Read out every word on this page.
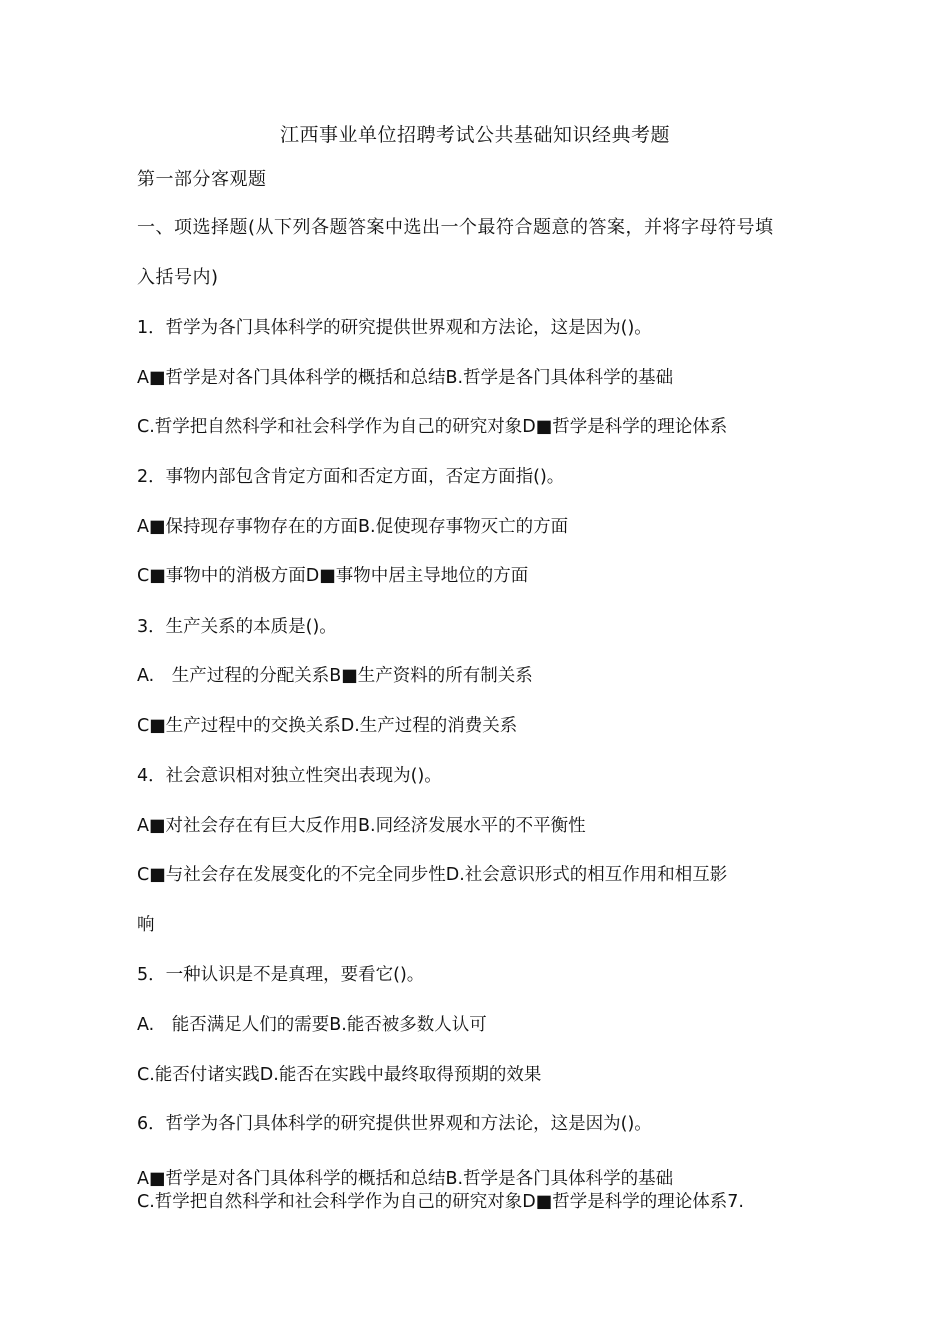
江西事业单位招聘考试公共基础知识经典考题
第一部分客观题
一、项选择题(从下列各题答案中选出一个最符合题意的答案，并将字母符号填
入括号内)
1．哲学为各门具体科学的研究提供世界观和方法论，这是因为()。
A■哲学是对各门具体科学的概括和总结B.哲学是各门具体科学的基础
C.哲学把自然科学和社会科学作为自己的研究对象D■哲学是科学的理论体系
2．事物内部包含肯定方面和否定方面，否定方面指()。
A■保持现存事物存在的方面B.促使现存事物灭亡的方面
C■事物中的消极方面D■事物中居主导地位的方面
3．生产关系的本质是()。
A.　生产过程的分配关系B■生产资料的所有制关系
C■生产过程中的交换关系D.生产过程的消费关系
4．社会意识相对独立性突出表现为()。
A■对社会存在有巨大反作用B.同经济发展水平的不平衡性
C■与社会存在发展变化的不完全同步性D.社会意识形式的相互作用和相互影
响
5．一种认识是不是真理，要看它()。
A.　能否满足人们的需要B.能否被多数人认可
C.能否付诸实践D.能否在实践中最终取得预期的效果
6．哲学为各门具体科学的研究提供世界观和方法论，这是因为()。
A■哲学是对各门具体科学的概括和总结B.哲学是各门具体科学的基础
C.哲学把自然科学和社会科学作为自己的研究对象D■哲学是科学的理论体系7.
